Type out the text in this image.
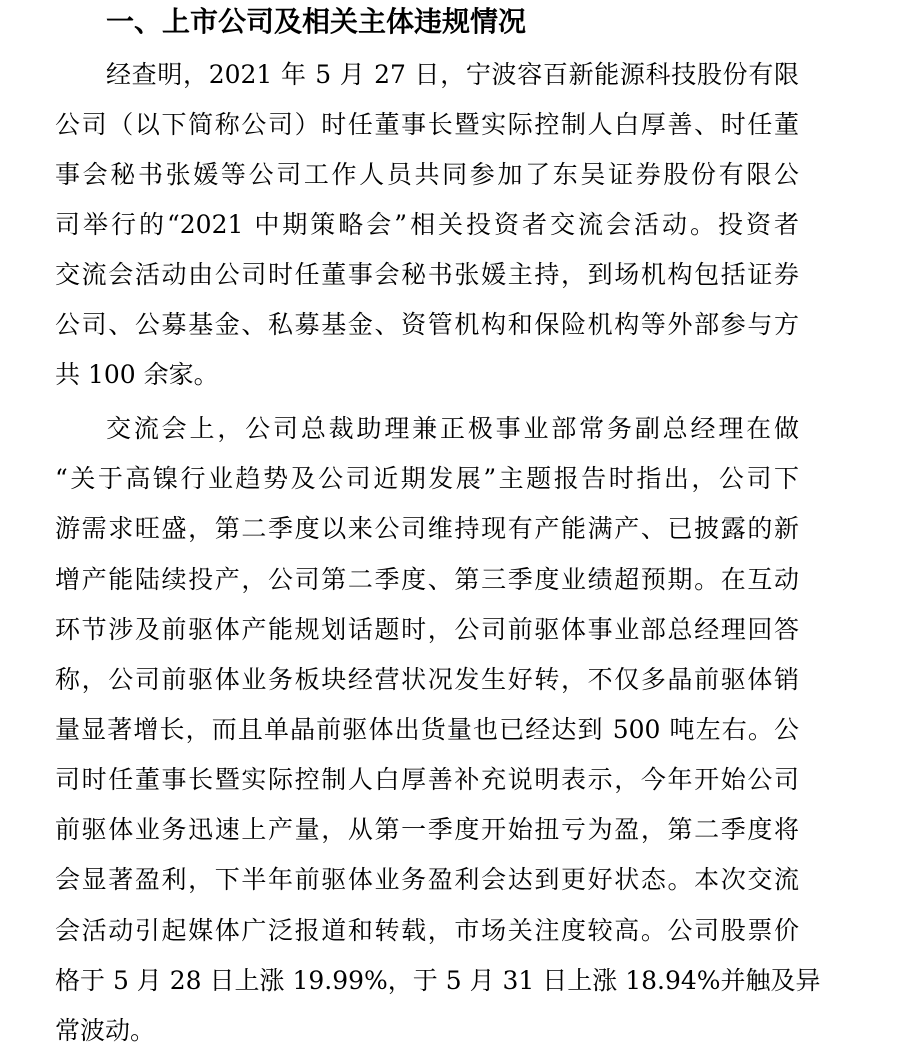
一、上市公司及相关主体违规情况

经查明，2021 年 5 月 27 日，宁波容百新能源科技股份有限

公司（以下简称公司）时任董事长暨实际控制人白厚善、时任董

事会秘书张媛等公司工作人员共同参加了东吴证券股份有限公

司举行的“2021 中期策略会”相关投资者交流会活动。投资者

交流会活动由公司时任董事会秘书张媛主持，到场机构包括证券

公司、公募基金、私募基金、资管机构和保险机构等外部参与方

共 100 余家。

交流会上，公司总裁助理兼正极事业部常务副总经理在做

“关于高镍行业趋势及公司近期发展”主题报告时指出，公司下

游需求旺盛，第二季度以来公司维持现有产能满产、已披露的新

增产能陆续投产，公司第二季度、第三季度业绩超预期。在互动

环节涉及前驱体产能规划话题时，公司前驱体事业部总经理回答

称，公司前驱体业务板块经营状况发生好转，不仅多晶前驱体销

量显著增长，而且单晶前驱体出货量也已经达到 500 吨左右。公

司时任董事长暨实际控制人白厚善补充说明表示，今年开始公司

前驱体业务迅速上产量，从第一季度开始扭亏为盈，第二季度将

会显著盈利，下半年前驱体业务盈利会达到更好状态。本次交流

会活动引起媒体广泛报道和转载，市场关注度较高。公司股票价

格于 5 月 28 日上涨 19.99%，于 5 月 31 日上涨 18.94%并触及异

常波动。
